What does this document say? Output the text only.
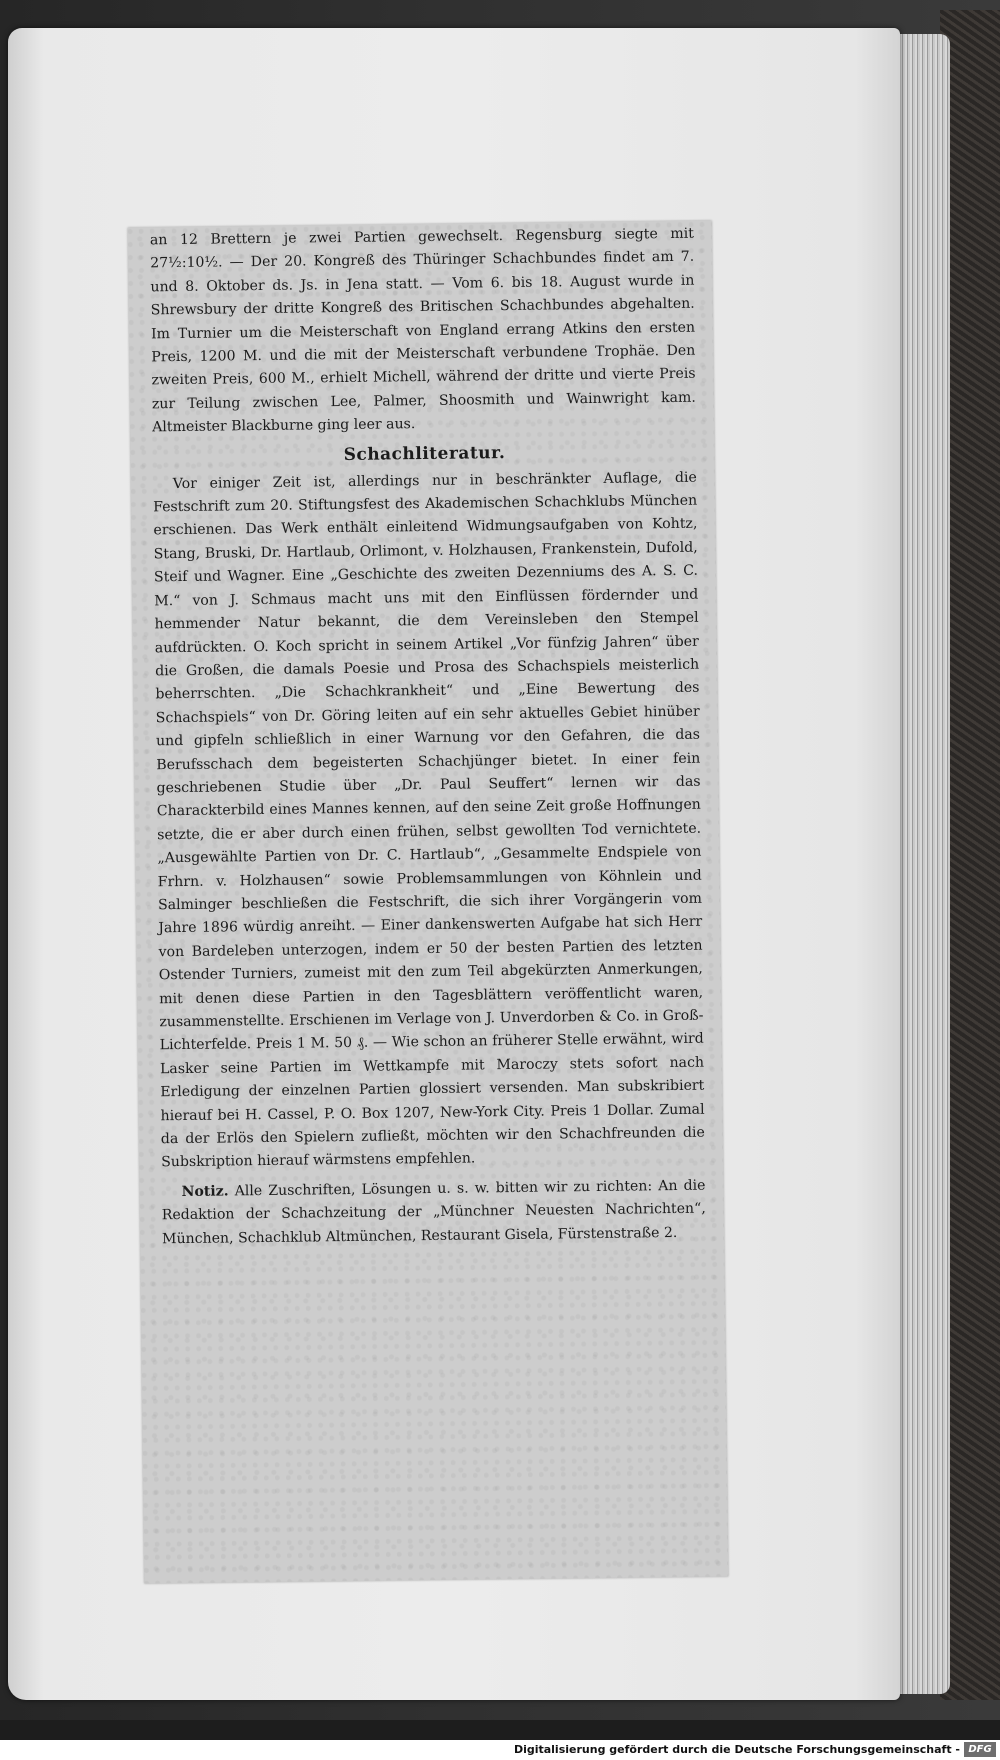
an 12 Brettern je zwei Partien gewechselt. Regensburg siegte mit 27½:10½. — Der 20. Kongreß des Thüringer Schachbundes findet am 7. und 8. Oktober ds. Js. in Jena statt. — Vom 6. bis 18. August wurde in Shrewsbury der dritte Kongreß des Britischen Schachbundes abgehalten. Im Turnier um die Meisterschaft von England errang Atkins den ersten Preis, 1200 M. und die mit der Meisterschaft verbundene Trophäe. Den zweiten Preis, 600 M., erhielt Michell, während der dritte und vierte Preis zur Teilung zwischen Lee, Palmer, Shoosmith und Wainwright kam. Altmeister Blackburne ging leer aus.

Schachliteratur.

Vor einiger Zeit ist, allerdings nur in beschränkter Auflage, die Festschrift zum 20. Stiftungsfest des Akademischen Schachklubs München erschienen. Das Werk enthält einleitend Widmungsaufgaben von Kohtz, Stang, Bruski, Dr. Hartlaub, Orlimont, v. Holzhausen, Frankenstein, Dufold, Steif und Wagner. Eine „Geschichte des zweiten Dezenniums des A. S. C. M.“ von J. Schmaus macht uns mit den Einflüssen fördernder und hemmender Natur bekannt, die dem Vereinsleben den Stempel aufdrückten. O. Koch spricht in seinem Artikel „Vor fünfzig Jahren“ über die Großen, die damals Poesie und Prosa des Schachspiels meisterlich beherrschten. „Die Schachkrankheit“ und „Eine Bewertung des Schachspiels“ von Dr. Göring leiten auf ein sehr aktuelles Gebiet hinüber und gipfeln schließlich in einer Warnung vor den Gefahren, die das Berufsschach dem begeisterten Schachjünger bietet. In einer fein geschriebenen Studie über „Dr. Paul Seuffert“ lernen wir das Charackterbild eines Mannes kennen, auf den seine Zeit große Hoffnungen setzte, die er aber durch einen frühen, selbst gewollten Tod vernichtete. „Ausgewählte Partien von Dr. C. Hartlaub“, „Gesammelte Endspiele von Frhrn. v. Holzhausen“ sowie Problemsammlungen von Köhnlein und Salminger beschließen die Festschrift, die sich ihrer Vorgängerin vom Jahre 1896 würdig anreiht. — Einer dankenswerten Aufgabe hat sich Herr von Bardeleben unterzogen, indem er 50 der besten Partien des letzten Ostender Turniers, zumeist mit den zum Teil abgekürzten Anmerkungen, mit denen diese Partien in den Tagesblättern veröffentlicht waren, zusammenstellte. Erschienen im Verlage von J. Unverdorben & Co. in Groß-Lichterfelde. Preis 1 M. 50 ₰. — Wie schon an früherer Stelle erwähnt, wird Lasker seine Partien im Wettkampfe mit Maroczy stets sofort nach Erledigung der einzelnen Partien glossiert versenden. Man subskribiert hierauf bei H. Cassel, P. O. Box 1207, New-York City. Preis 1 Dollar. Zumal da der Erlös den Spielern zufließt, möchten wir den Schachfreunden die Subskription hierauf wärmstens empfehlen.

Notiz. Alle Zuschriften, Lösungen u. s. w. bitten wir zu richten: An die Redaktion der Schachzeitung der „Münchner Neuesten Nachrichten“, München, Schachklub Altmünchen, Restaurant Gisela, Fürstenstraße 2.

Digitalisierung gefördert durch die Deutsche Forschungsgemeinschaft - DFG
